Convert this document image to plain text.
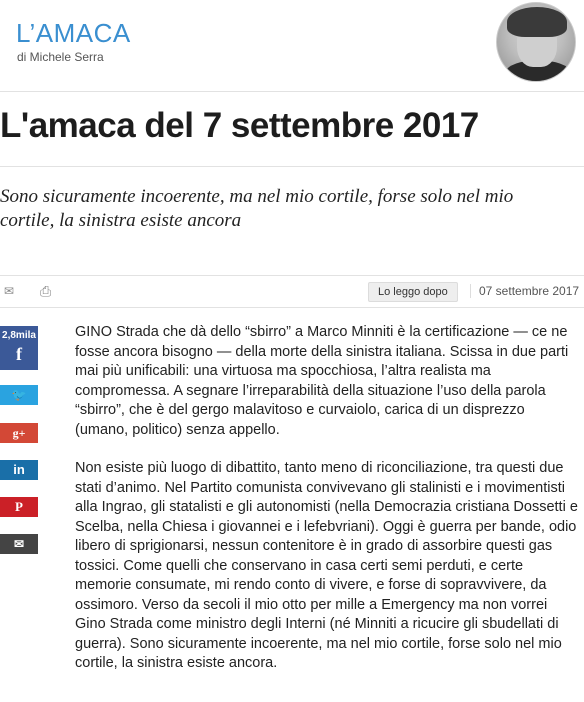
L’AMACA
di Michele Serra
L'amaca del 7 settembre 2017
Sono sicuramente incoerente, ma nel mio cortile, forse solo nel mio cortile, la sinistra esiste ancora
✉ ⎙	Lo leggo dopo	07 settembre 2017
2,8mila
f
🐦
g+
in
P
✉

GINO Strada che dà dello “sbirro” a Marco Minniti è la certificazione — ce ne fosse ancora bisogno — della morte della sinistra italiana. Scissa in due parti mai più unificabili: una virtuosa ma spocchiosa, l’altra realista ma compromessa. A segnare l’irreparabilità della situazione l’uso della parola “sbirro”, che è del gergo malavitoso e curvaiolo, carica di un disprezzo (umano, politico) senza appello.

Non esiste più luogo di dibattito, tanto meno di riconciliazione, tra questi due stati d’animo. Nel Partito comunista convivevano gli stalinisti e i movimentisti alla Ingrao, gli statalisti e gli autonomisti (nella Democrazia cristiana Dossetti e Scelba, nella Chiesa i giovannei e i lefebvriani). Oggi è guerra per bande, odio libero di sprigionarsi, nessun contenitore è in grado di assorbire questi gas tossici. Come quelli che conservano in casa certi semi perduti, e certe memorie consumate, mi rendo conto di vivere, e forse di sopravvivere, da ossimoro. Verso da secoli il mio otto per mille a Emergency ma non vorrei Gino Strada come ministro degli Interni (né Minniti a ricucire gli sbudellati di guerra). Sono sicuramente incoerente, ma nel mio cortile, forse solo nel mio cortile, la sinistra esiste ancora.
